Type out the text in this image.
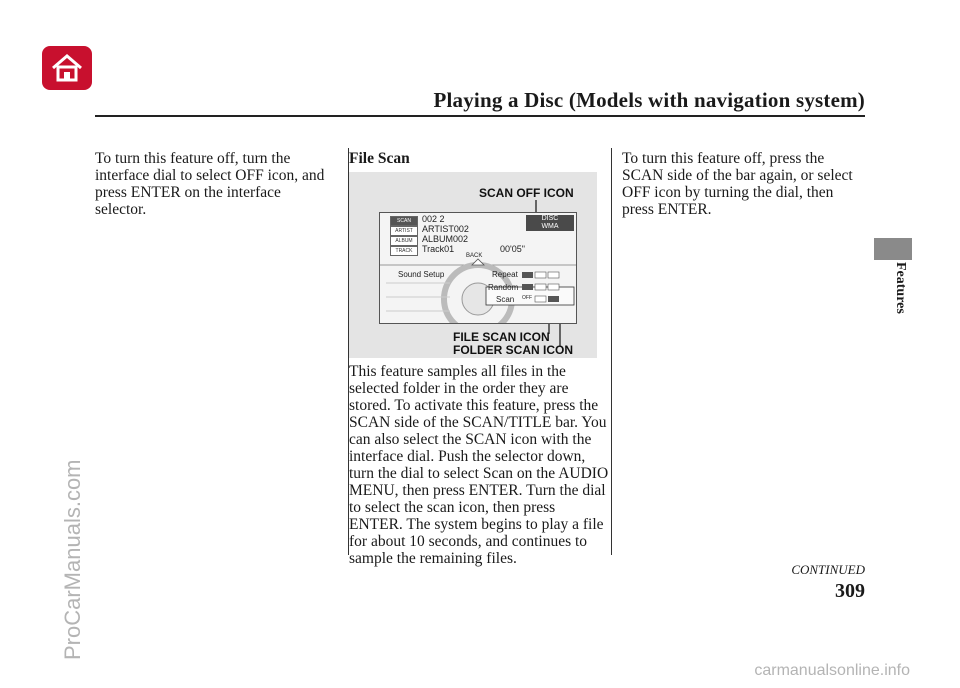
Playing a Disc (Models with navigation system)
Features
To turn this feature off, turn the interface dial to select OFF icon, and press ENTER on the interface selector.
File Scan
SCAN OFF ICON
SCAN	002 2
ARTIST	ARTIST002
ALBUM	ALBUM002
TRACK	Track01	00'05"
DISC
WMA
BACK
Sound Setup	Repeat
Random
Scan OFF
FILE SCAN ICON
FOLDER SCAN ICON
This feature samples all files in the selected folder in the order they are stored. To activate this feature, press the SCAN side of the SCAN/TITLE bar. You can also select the SCAN icon with the interface dial. Push the selector down, turn the dial to select Scan on the AUDIO MENU, then press ENTER. Turn the dial to select the scan icon, then press ENTER. The system begins to play a file for about 10 seconds, and continues to sample the remaining files.
To turn this feature off, press the SCAN side of the bar again, or select OFF icon by turning the dial, then press ENTER.
CONTINUED
309
ProCarManuals.com
carmanualsonline.info
